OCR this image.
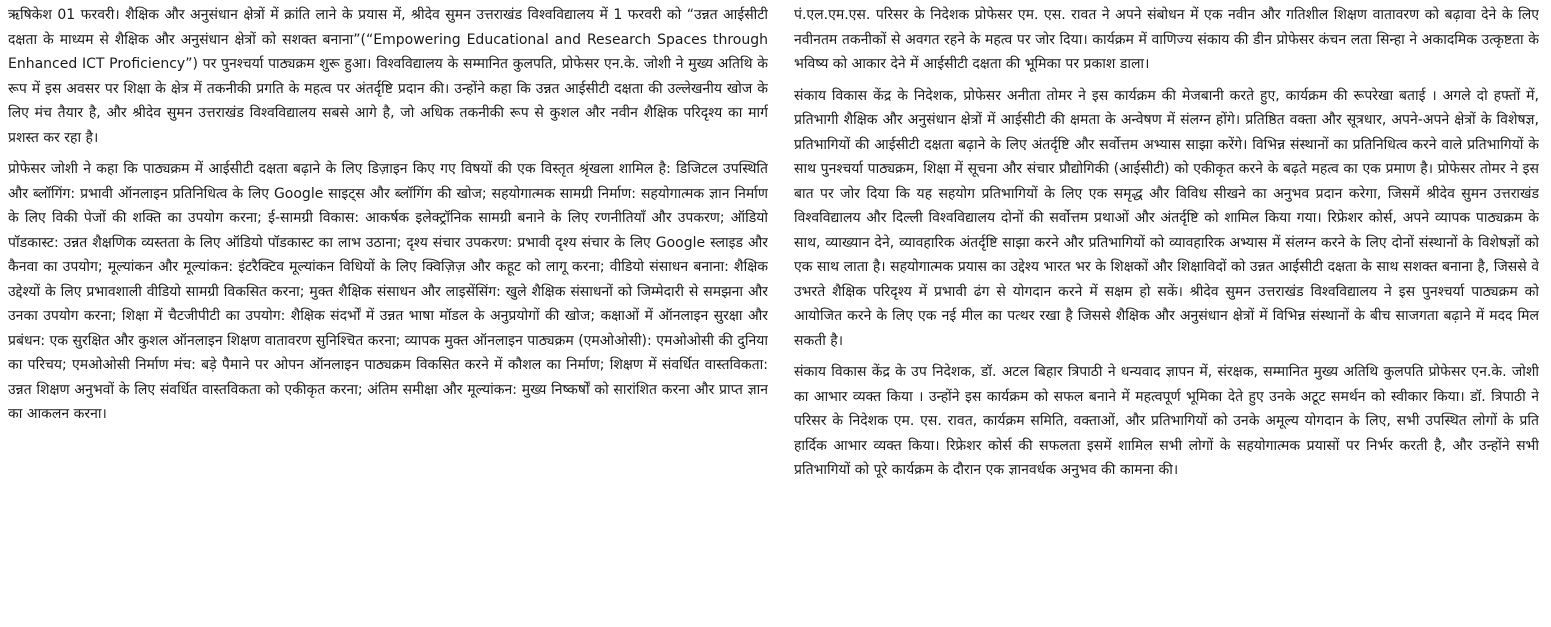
ऋषिकेश 01 फरवरी। शैक्षिक और अनुसंधान क्षेत्रों में क्रांति लाने के प्रयास में, श्रीदेव सुमन उत्तराखंड विश्वविद्यालय में 1 फरवरी को “उन्नत आईसीटी दक्षता के माध्यम से शैक्षिक और अनुसंधान क्षेत्रों को सशक्त बनाना”(“Empowering Educational and Research Spaces through Enhanced ICT Proficiency”) पर पुनश्चर्या पाठ्यक्रम शुरू हुआ। विश्वविद्यालय के सम्मानित कुलपति, प्रोफेसर एन.के. जोशी ने मुख्य अतिथि के रूप में इस अवसर पर शिक्षा के क्षेत्र में तकनीकी प्रगति के महत्व पर अंतर्दृष्टि प्रदान की। उन्होंने कहा कि उन्नत आईसीटी दक्षता की उल्लेखनीय खोज के लिए मंच तैयार है, और श्रीदेव सुमन उत्तराखंड विश्वविद्यालय सबसे आगे है, जो अधिक तकनीकी रूप से कुशल और नवीन शैक्षिक परिदृश्य का मार्ग प्रशस्त कर रहा है।

प्रोफेसर जोशी ने कहा कि पाठ्यक्रम में आईसीटी दक्षता बढ़ाने के लिए डिज़ाइन किए गए विषयों की एक विस्तृत श्रृंखला शामिल है: डिजिटल उपस्थिति और ब्लॉगिंग: प्रभावी ऑनलाइन प्रतिनिधित्व के लिए Google साइट्स और ब्लॉगिंग की खोज; सहयोगात्मक सामग्री निर्माण: सहयोगात्मक ज्ञान निर्माण के लिए विकी पेजों की शक्ति का उपयोग करना; ई-सामग्री विकास: आकर्षक इलेक्ट्रॉनिक सामग्री बनाने के लिए रणनीतियाँ और उपकरण; ऑडियो पॉडकास्ट: उन्नत शैक्षणिक व्यस्तता के लिए ऑडियो पॉडकास्ट का लाभ उठाना; दृश्य संचार उपकरण: प्रभावी दृश्य संचार के लिए Google स्लाइड और कैनवा का उपयोग; मूल्यांकन और मूल्यांकन: इंटरैक्टिव मूल्यांकन विधियों के लिए क्विज़िज़ और कहूट को लागू करना; वीडियो संसाधन बनाना: शैक्षिक उद्देश्यों के लिए प्रभावशाली वीडियो सामग्री विकसित करना; मुक्त शैक्षिक संसाधन और लाइसेंसिंग: खुले शैक्षिक संसाधनों को जिम्मेदारी से समझना और उनका उपयोग करना; शिक्षा में चैटजीपीटी का उपयोग: शैक्षिक संदर्भों में उन्नत भाषा मॉडल के अनुप्रयोगों की खोज; कक्षाओं में ऑनलाइन सुरक्षा और प्रबंधन: एक सुरक्षित और कुशल ऑनलाइन शिक्षण वातावरण सुनिश्चित करना; व्यापक मुक्त ऑनलाइन पाठ्यक्रम (एमओओसी): एमओओसी की दुनिया का परिचय; एमओओसी निर्माण मंच: बड़े पैमाने पर ओपन ऑनलाइन पाठ्यक्रम विकसित करने में कौशल का निर्माण; शिक्षण में संवर्धित वास्तविकता: उन्नत शिक्षण अनुभवों के लिए संवर्धित वास्तविकता को एकीकृत करना; अंतिम समीक्षा और मूल्यांकन: मुख्य निष्कर्षों को सारांशित करना और प्राप्त ज्ञान का आकलन करना।

पं.एल.एम.एस. परिसर के निदेशक प्रोफेसर एम. एस. रावत ने अपने संबोधन में एक नवीन और गतिशील शिक्षण वातावरण को बढ़ावा देने के लिए नवीनतम तकनीकों से अवगत रहने के महत्व पर जोर दिया। कार्यक्रम में वाणिज्य संकाय की डीन प्रोफेसर कंचन लता सिन्हा ने अकादमिक उत्कृष्टता के भविष्य को आकार देने में आईसीटी दक्षता की भूमिका पर प्रकाश डाला।

संकाय विकास केंद्र के निदेशक, प्रोफेसर अनीता तोमर ने इस कार्यक्रम की मेजबानी करते हुए, कार्यक्रम की रूपरेखा बताई । अगले दो हफ्तों में, प्रतिभागी शैक्षिक और अनुसंधान क्षेत्रों में आईसीटी की क्षमता के अन्वेषण में संलग्न होंगे। प्रतिष्ठित वक्ता और सूत्रधार, अपने-अपने क्षेत्रों के विशेषज्ञ, प्रतिभागियों की आईसीटी दक्षता बढ़ाने के लिए अंतर्दृष्टि और सर्वोत्तम अभ्यास साझा करेंगे। विभिन्न संस्थानों का प्रतिनिधित्व करने वाले प्रतिभागियों के साथ पुनश्चर्या पाठ्यक्रम, शिक्षा में सूचना और संचार प्रौद्योगिकी (आईसीटी) को एकीकृत करने के बढ़ते महत्व का एक प्रमाण है। प्रोफेसर तोमर ने इस बात पर जोर दिया कि यह सहयोग प्रतिभागियों के लिए एक समृद्ध और विविध सीखने का अनुभव प्रदान करेगा, जिसमें श्रीदेव सुमन उत्तराखंड विश्वविद्यालय और दिल्ली विश्वविद्यालय दोनों की सर्वोत्तम प्रथाओं और अंतर्दृष्टि को शामिल किया गया। रिफ्रेशर कोर्स, अपने व्यापक पाठ्यक्रम के साथ, व्याख्यान देने, व्यावहारिक अंतर्दृष्टि साझा करने और प्रतिभागियों को व्यावहारिक अभ्यास में संलग्न करने के लिए दोनों संस्थानों के विशेषज्ञों को एक साथ लाता है। सहयोगात्मक प्रयास का उद्देश्य भारत भर के शिक्षकों और शिक्षाविदों को उन्नत आईसीटी दक्षता के साथ सशक्त बनाना है, जिससे वे उभरते शैक्षिक परिदृश्य में प्रभावी ढंग से योगदान करने में सक्षम हो सकें। श्रीदेव सुमन उत्तराखंड विश्वविद्यालय ने इस पुनश्चर्या पाठ्यक्रम को आयोजित करने के लिए एक नई मील का पत्थर रखा है जिससे शैक्षिक और अनुसंधान क्षेत्रों में विभिन्न संस्थानों के बीच साजगता बढ़ाने में मदद मिल सकती है।

संकाय विकास केंद्र के उप निदेशक, डॉ. अटल बिहार त्रिपाठी ने धन्यवाद ज्ञापन में, संरक्षक, सम्मानित मुख्य अतिथि कुलपति प्रोफेसर एन.के. जोशी का आभार व्यक्त किया । उन्होंने इस कार्यक्रम को सफल बनाने में महत्वपूर्ण भूमिका देते हुए उनके अटूट समर्थन को स्वीकार किया। डॉ. त्रिपाठी ने परिसर के निदेशक एम. एस. रावत, कार्यक्रम समिति, वक्ताओं, और प्रतिभागियों को उनके अमूल्य योगदान के लिए, सभी उपस्थित लोगों के प्रति हार्दिक आभार व्यक्त किया। रिफ्रेशर कोर्स की सफलता इसमें शामिल सभी लोगों के सहयोगात्मक प्रयासों पर निर्भर करती है, और उन्होंने सभी प्रतिभागियों को पूरे कार्यक्रम के दौरान एक ज्ञानवर्धक अनुभव की कामना की।
